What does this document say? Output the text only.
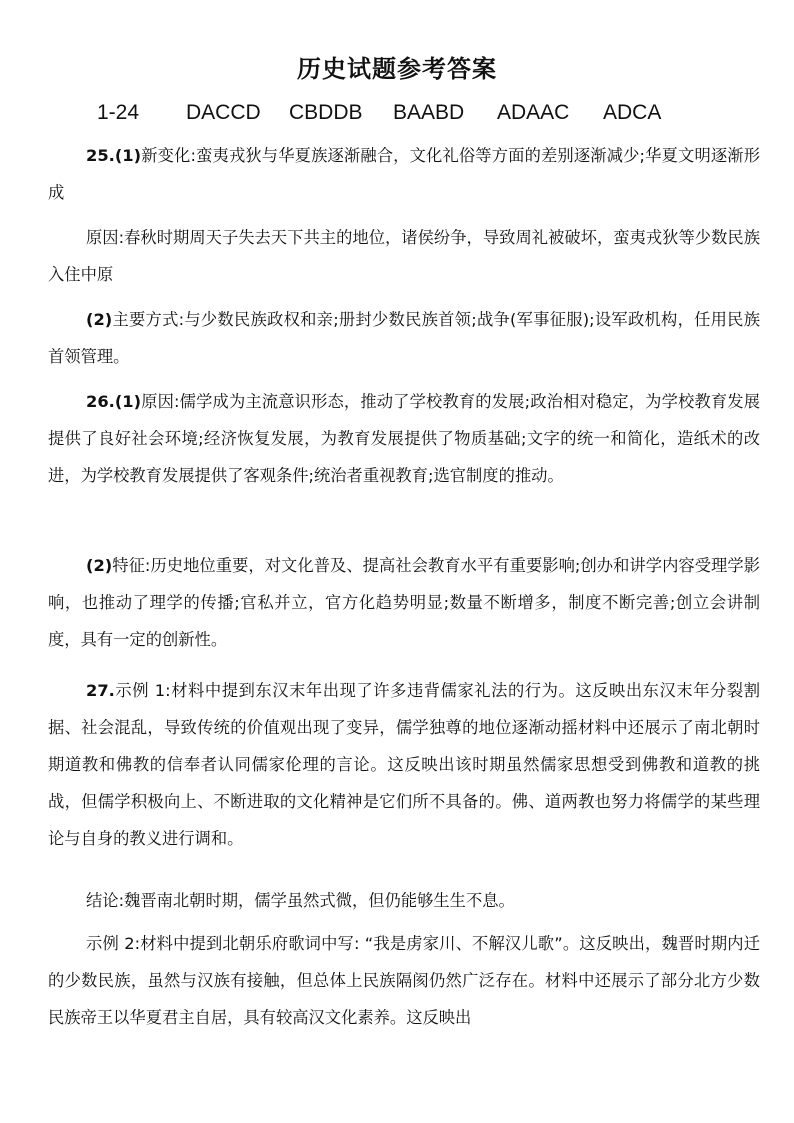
历史试题参考答案
1-24 DACCD CBDDB BAABD ADAAC ADCA

25.(1)新变化:蛮夷戎狄与华夏族逐渐融合，文化礼俗等方面的差别逐渐减少;华夏文明逐渐形成

原因:春秋时期周天子失去天下共主的地位，诸侯纷争，导致周礼被破坏，蛮夷戎狄等少数民族入住中原

(2)主要方式:与少数民族政权和亲;册封少数民族首领;战争(军事征服);设军政机构，任用民族首领管理。

26.(1)原因:儒学成为主流意识形态，推动了学校教育的发展;政治相对稳定，为学校教育发展提供了良好社会环境;经济恢复发展，为教育发展提供了物质基础;文字的统一和简化，造纸术的改进，为学校教育发展提供了客观条件;统治者重视教育;选官制度的推动。

(2)特征:历史地位重要，对文化普及、提高社会教育水平有重要影响;创办和讲学内容受理学影响，也推动了理学的传播;官私并立，官方化趋势明显;数量不断增多，制度不断完善;创立会讲制度，具有一定的创新性。

27.示例 1:材料中提到东汉末年出现了许多违背儒家礼法的行为。这反映出东汉末年分裂割据、社会混乱，导致传统的价值观出现了变异，儒学独尊的地位逐渐动摇材料中还展示了南北朝时期道教和佛教的信奉者认同儒家伦理的言论。这反映出该时期虽然儒家思想受到佛教和道教的挑战，但儒学积极向上、不断进取的文化精神是它们所不具备的。佛、道两教也努力将儒学的某些理论与自身的教义进行调和。

结论:魏晋南北朝时期，儒学虽然式微，但仍能够生生不息。

示例 2:材料中提到北朝乐府歌词中写: “我是虏家川、不解汉儿歌”。这反映出，魏晋时期内迁的少数民族，虽然与汉族有接触，但总体上民族隔阂仍然广泛存在。材料中还展示了部分北方少数民族帝王以华夏君主自居，具有较高汉文化素养。这反映出
